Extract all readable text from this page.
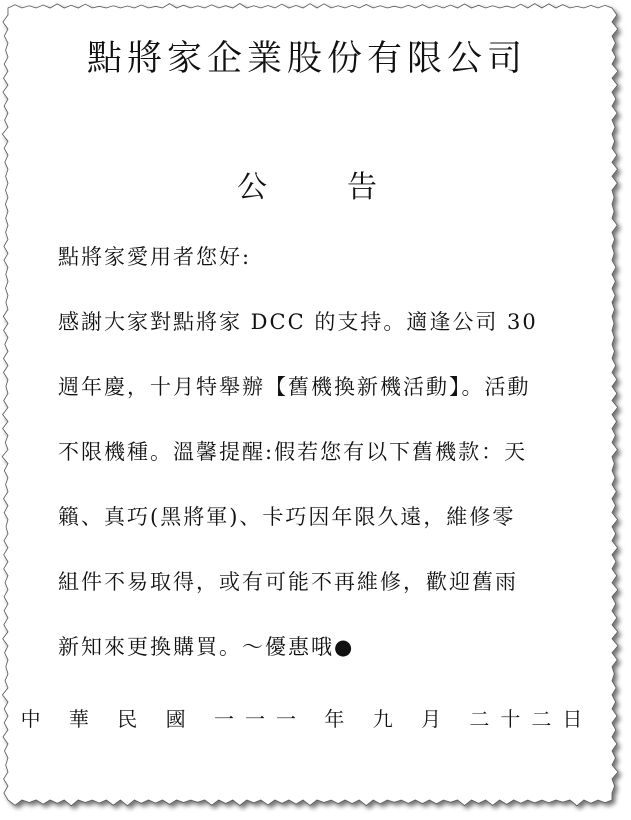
點將家企業股份有限公司
公	告
點將家愛用者您好:
感謝大家對點將家 DCC 的支持。適逢公司 30
週年慶，十月特舉辦【舊機換新機活動】。活動
不限機種。溫馨提醒:假若您有以下舊機款：天
籟、真巧(黑將軍)、卡巧因年限久遠，維修零
組件不易取得，或有可能不再維修，歡迎舊雨
新知來更換購買。～優惠哦●
中 華 民 國 一一一 年 九 月 二十二日
